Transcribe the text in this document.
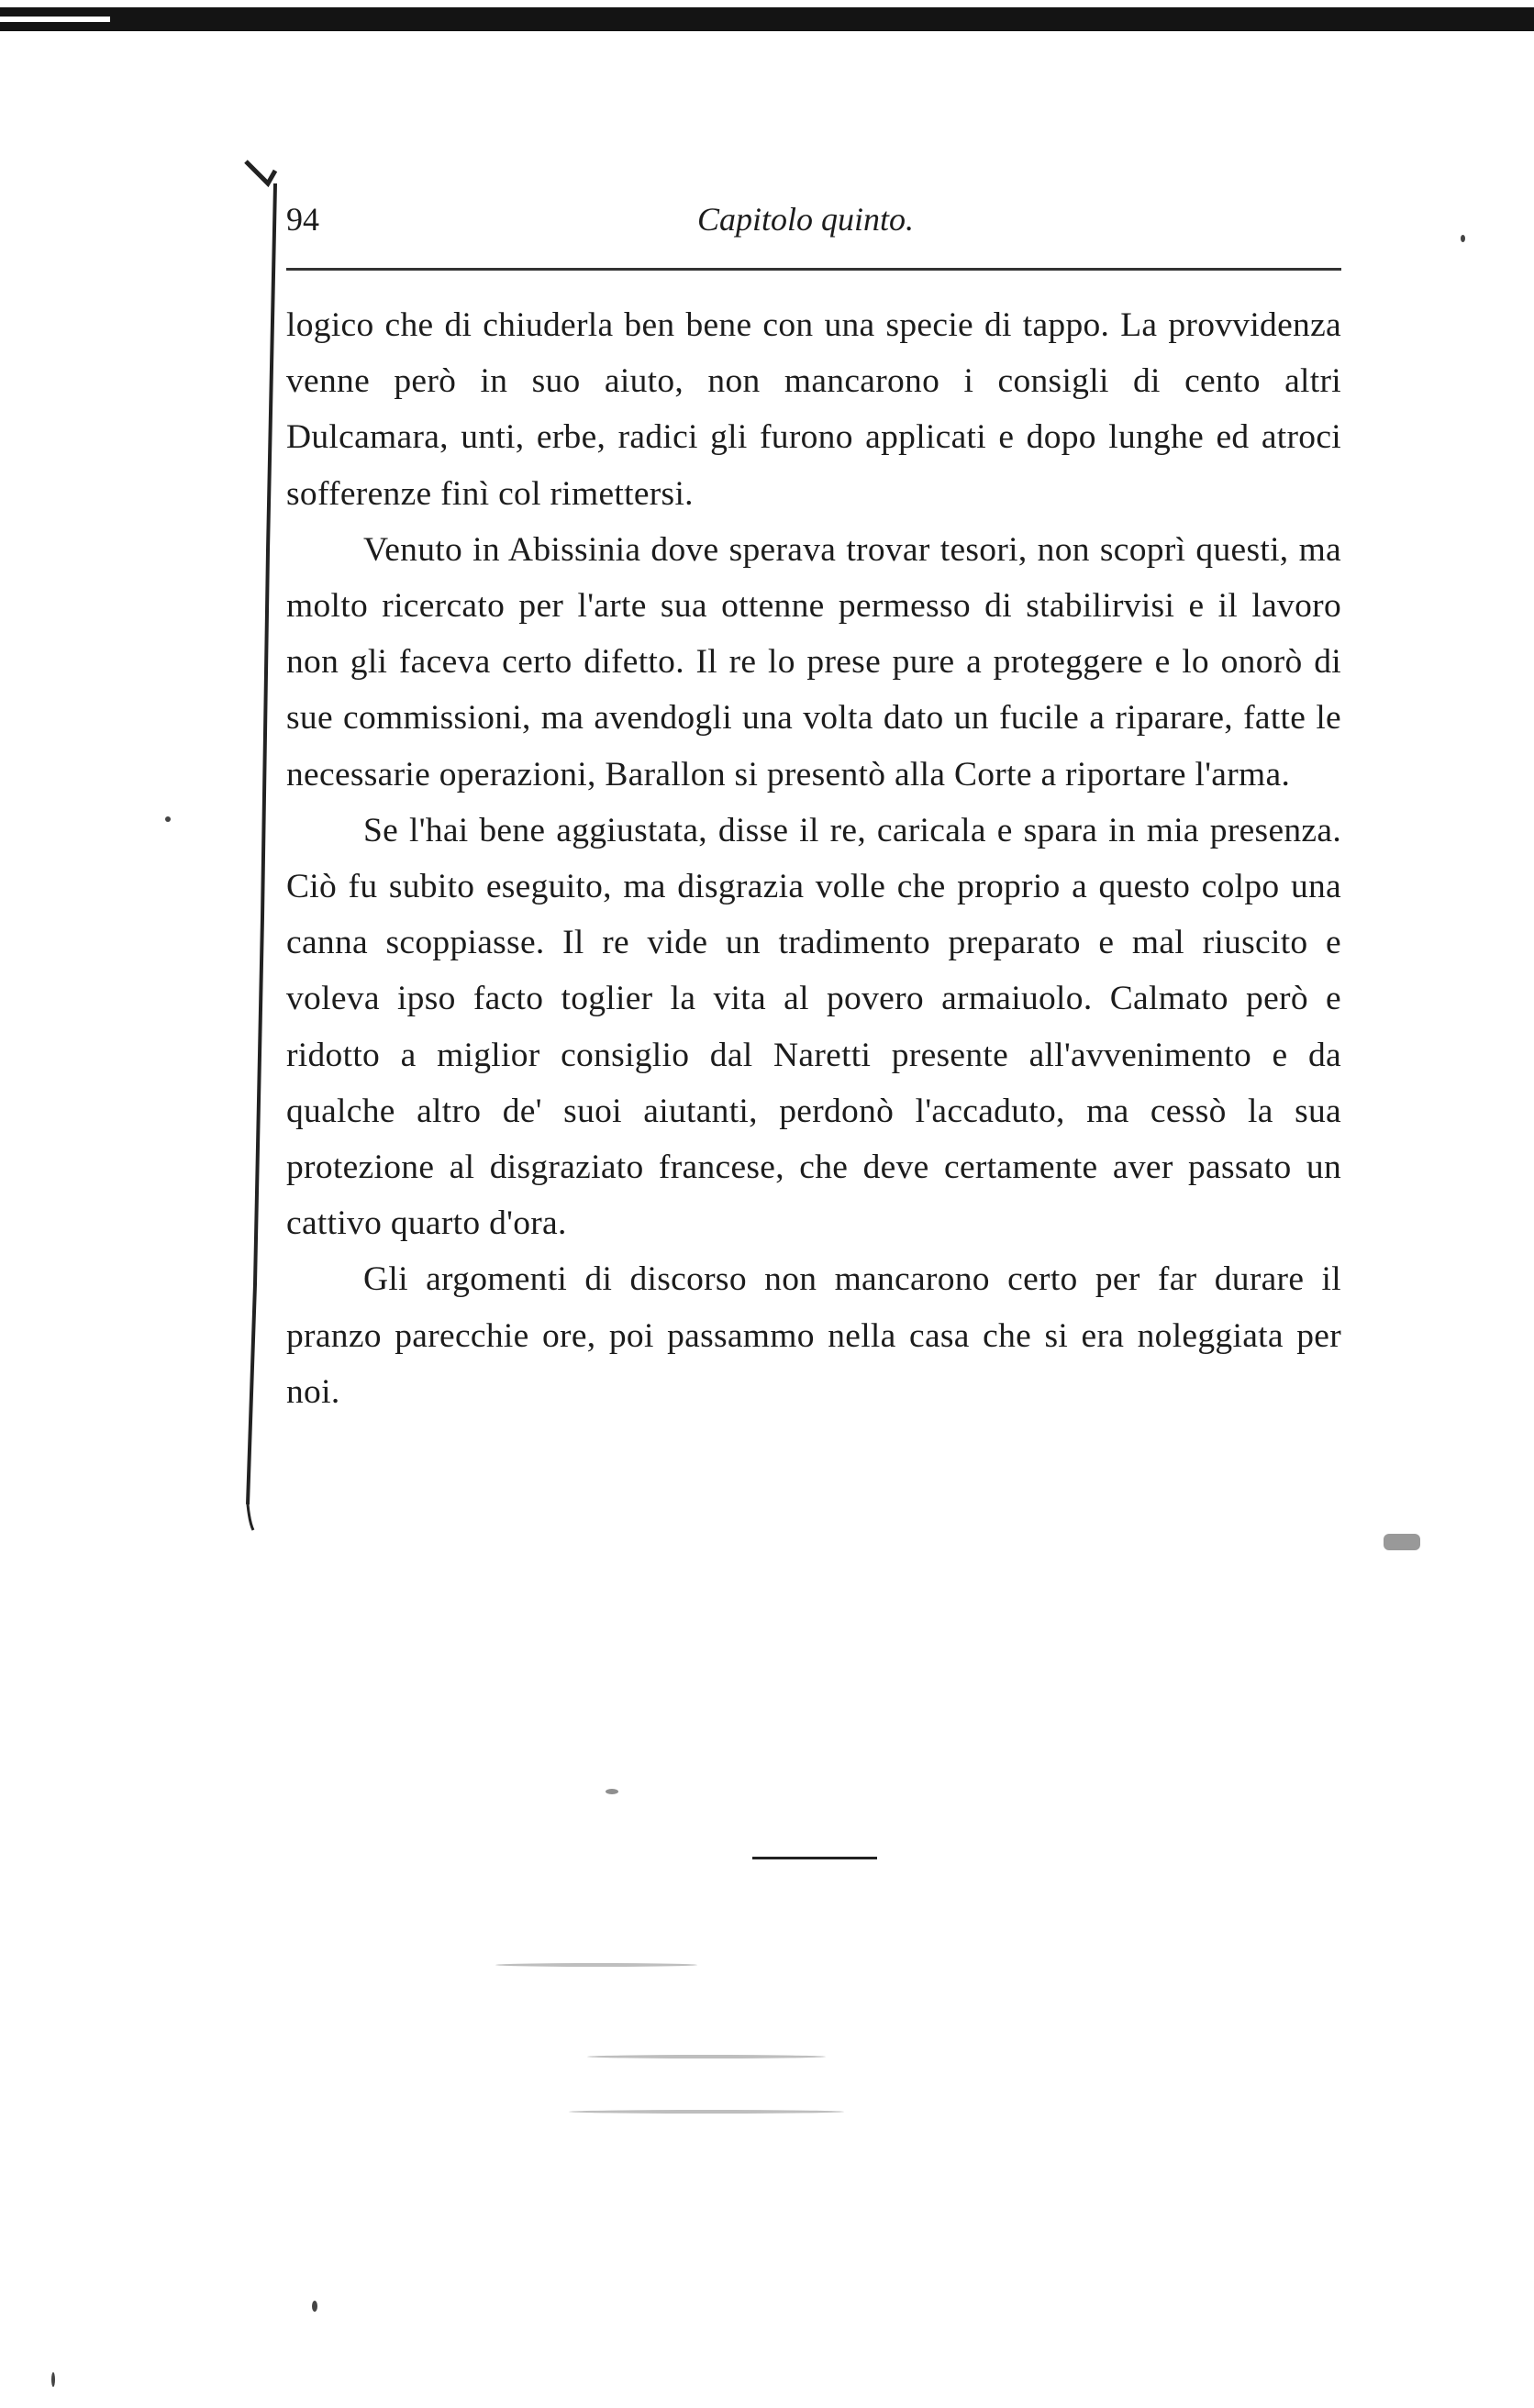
94	Capitolo quinto.

logico che di chiuderla ben bene con una specie di tappo. La provvidenza venne però in suo aiuto, non mancarono i consigli di cento altri Dulcamara, unti, erbe, radici gli furono applicati e dopo lunghe ed atroci sofferenze finì col rimettersi.

Venuto in Abissinia dove sperava trovar tesori, non scoprì questi, ma molto ricercato per l'arte sua ottenne permesso di stabilirvisi e il lavoro non gli faceva certo difetto. Il re lo prese pure a proteggere e lo onorò di sue commissioni, ma avendogli una volta dato un fucile a riparare, fatte le necessarie operazioni, Barallon si presentò alla Corte a riportare l'arma.

Se l'hai bene aggiustata, disse il re, caricala e spara in mia presenza. Ciò fu subito eseguito, ma disgrazia volle che proprio a questo colpo una canna scoppiasse. Il re vide un tradimento preparato e mal riuscito e voleva ipso facto toglier la vita al povero armaiuolo. Calmato però e ridotto a miglior consiglio dal Naretti presente all'avvenimento e da qualche altro de' suoi aiutanti, perdonò l'accaduto, ma cessò la sua protezione al disgraziato francese, che deve certamente aver passato un cattivo quarto d'ora.

Gli argomenti di discorso non mancarono certo per far durare il pranzo parecchie ore, poi passammo nella casa che si era noleggiata per noi.
